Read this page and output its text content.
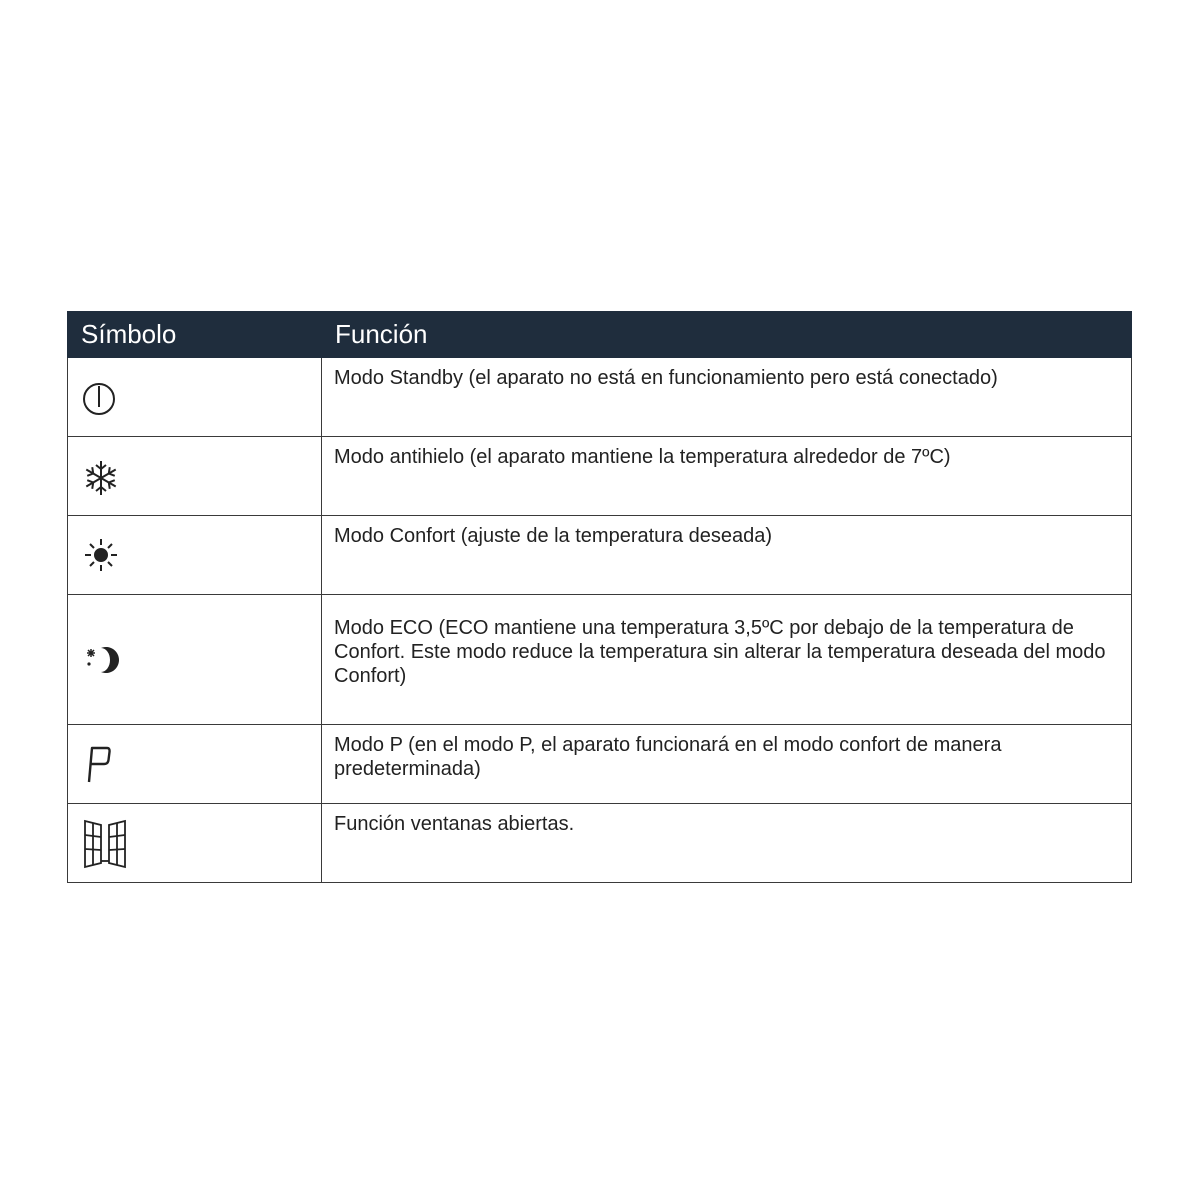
Símbolo	Función

	Modo Standby (el aparato no está en funcionamiento pero está conectado)

	Modo antihielo (el aparato mantiene la temperatura alrededor de 7ºC)

	Modo Confort (ajuste de la temperatura deseada)

	Modo ECO (ECO mantiene una temperatura 3,5ºC por debajo de la temperatura de Confort. Este modo reduce la temperatura sin alterar la temperatura deseada del modo Confort)

	Modo P (en el modo P, el aparato funcionará en el modo confort de manera predeterminada)

	Función ventanas abiertas.
